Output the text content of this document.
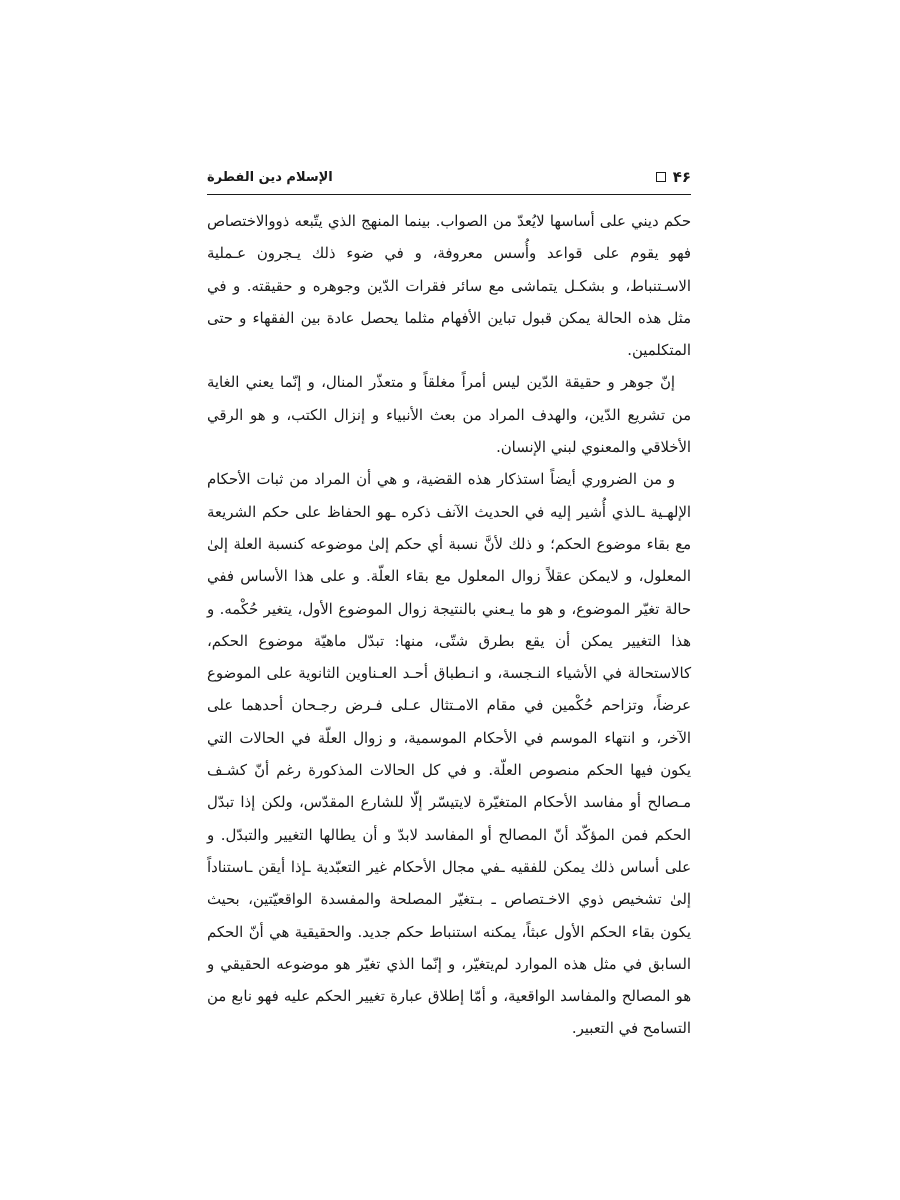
۴۶
الإسلام دين الفطرة

حكم ديني على أساسها لايُعدّ من الصواب. بينما المنهج الذي يتّبعه ذووالاختصاص فهو يقوم على قواعد وأُسس معروفة، و في ضوء ذلك يـجرون عـملية الاسـتنباط، و بشكـل يتماشى مع سائر فقرات الدّين وجوهره و حقيقته. و في مثل هذه الحالة يمكن قبول تباين الأفهام مثلما يحصل عادة بين الفقهاء و حتى المتكلمين.

إنّ جوهر و حقيقة الدّين ليس أمراً مغلقاً و متعذّر المنال، و إنّما يعني الغاية من تشريع الدّين، والهدف المراد من بعث الأنبياء و إنزال الكتب، و هو الرقي الأخلاقي والمعنوي لبني الإنسان.

و من الضروري أيضاً استذكار هذه القضية، و هي أن المراد من ثبات الأحكام الإلهـية ـالذي أُشير إليه في الحديث الآنف ذكره ـهو الحفاظ على حكم الشريعة مع بقاء موضوع الحكم؛ و ذلك لأنَّ نسبة أي حكم إلىٰ موضوعه كنسبة العلة إلىٰ المعلول، و لايمكن عقلاً زوال المعلول مع بقاء العلّة. و على هذا الأساس ففي حالة تغيّر الموضوع، و هو ما يـعني بالنتيجة زوال الموضوع الأول، يتغير حُكْمه. و هذا التغيير يمكن أن يقع بطرق شتّى، منها: تبدّل ماهيّة موضوع الحكم، كالاستحالة في الأشياء النـجسة، و انـطباق أحـد العـناوين الثانوية على الموضوع عرضاً، وتزاحم حُكْمين في مقام الامـتثال عـلى فـرض رجـحان أحدهما على الآخر، و انتهاء الموسم في الأحكام الموسمية، و زوال العلّة في الحالات التي يكون فيها الحكم منصوص العلّة. و في كل الحالات المذكورة رغم أنّ كشـف مـصالح أو مفاسد الأحكام المتغيّرة لايتيسّر إلّا للشارع المقدّس، ولكن إذا تبدّل الحكم فمن المؤكّد أنّ المصالح أو المفاسد لابدّ و أن يطالها التغيير والتبدّل. و على أساس ذلك يمكن للفقيه ـفي مجال الأحكام غير التعبّدية ـإذا أيقن ـاستناداً إلىٰ تشخيص ذوي الاخـتصاص ـ بـتغيّر المصلحة والمفسدة الواقعيّتين، بحيث يكون بقاء الحكم الأول عبثاً، يمكنه استنباط حكم جديد. والحقيقية هي أنّ الحكم السابق في مثل هذه الموارد لم‌يتغيّر، و إنّما الذي تغيّر هو موضوعه الحقيقي و هو المصالح والمفاسد الواقعية، و أمّا إطلاق عبارة تغيير الحكم عليه فهو نابع من التسامح في التعبير.
